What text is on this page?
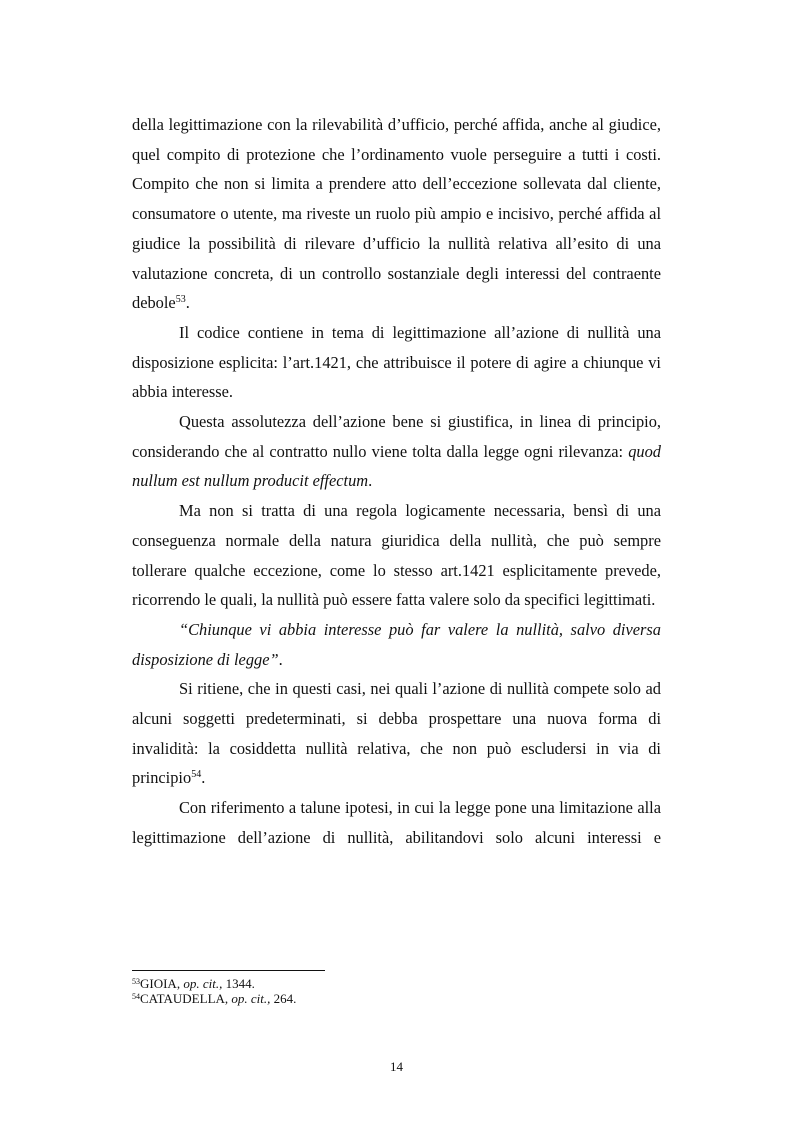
della legittimazione con la rilevabilità d’ufficio, perché affida, anche al giudice, quel compito di protezione che l’ordinamento vuole perseguire a tutti i costi. Compito che non si limita a prendere atto dell’eccezione sollevata dal cliente, consumatore o utente, ma riveste un ruolo più ampio e incisivo, perché affida al giudice la possibilità di rilevare d’ufficio la nullità relativa all’esito di una valutazione concreta, di un controllo sostanziale degli interessi del contraente debole$^{53}$.

Il codice contiene in tema di legittimazione all’azione di nullità una disposizione esplicita: l’art.1421, che attribuisce il potere di agire a chiunque vi abbia interesse.

Questa assolutezza dell’azione bene si giustifica, in linea di principio, considerando che al contratto nullo viene tolta dalla legge ogni rilevanza: quod nullum est nullum producit effectum.

Ma non si tratta di una regola logicamente necessaria, bensì di una conseguenza normale della natura giuridica della nullità, che può sempre tollerare qualche eccezione, come lo stesso art.1421 esplicitamente prevede, ricorrendo le quali, la nullità può essere fatta valere solo da specifici legittimati.

“Chiunque vi abbia interesse può far valere la nullità, salvo diversa disposizione di legge”.

Si ritiene, che in questi casi, nei quali l’azione di nullità compete solo ad alcuni soggetti predeterminati, si debba prospettare una nuova forma di invalidità: la cosiddetta nullità relativa, che non può escludersi in via di principio$^{54}$.

Con riferimento a talune ipotesi, in cui la legge pone una limitazione alla legittimazione dell’azione di nullità, abilitandovi solo alcuni interessi e

$^{53}$GIOIA, op. cit., 1344.

$^{54}$CATAUDELLA, op. cit., 264.

14
